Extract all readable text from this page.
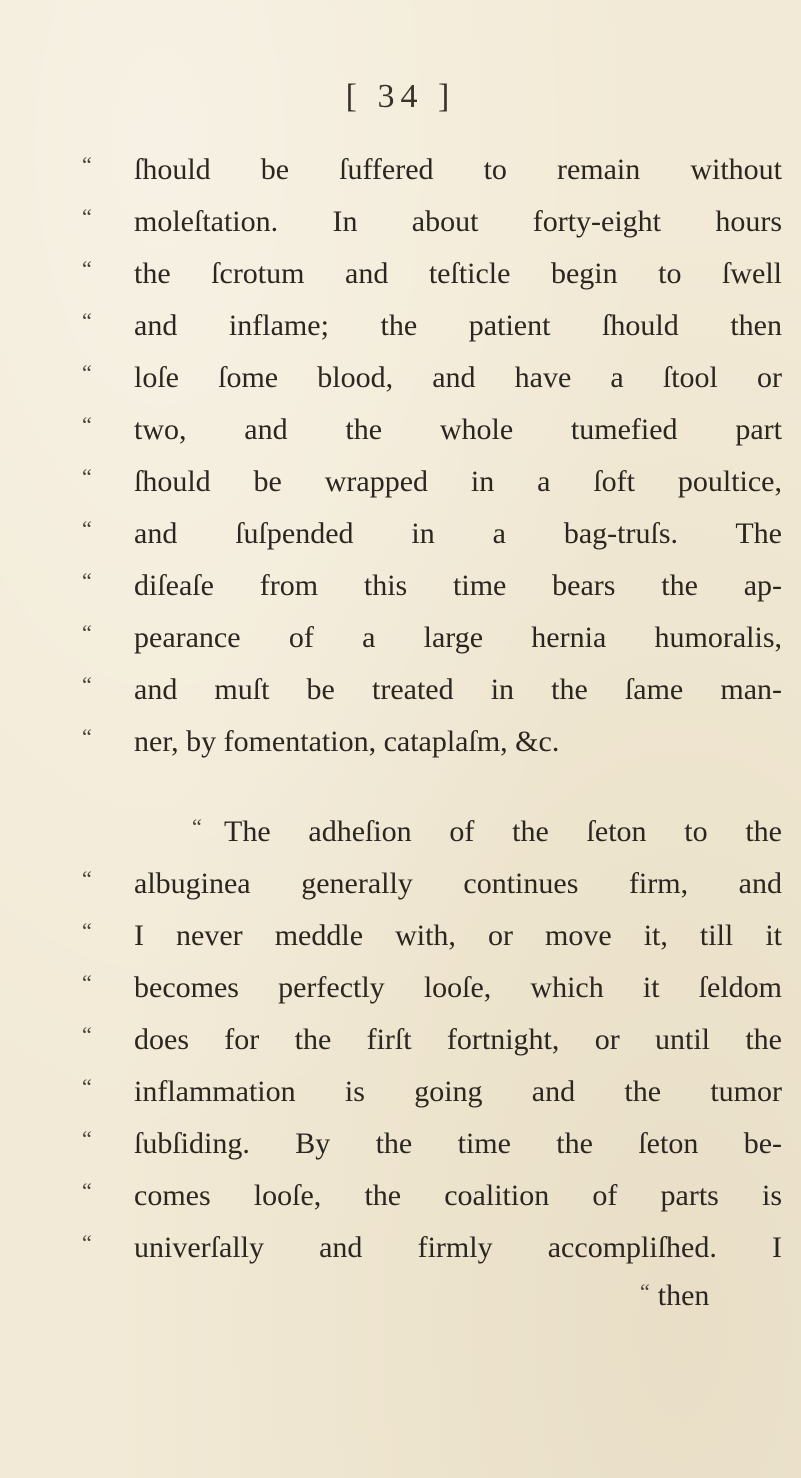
[ 34 ]
“ ſhould be ſuffered to remain without
“ moleſtation. In about forty-eight hours
“ the ſcrotum and teſticle begin to ſwell
“ and inflame; the patient ſhould then
“ loſe ſome blood, and have a ſtool or
“ two, and the whole tumefied part
“ ſhould be wrapped in a ſoft poultice,
“ and ſuſpended in a bag-truſs. The
“ diſeaſe from this time bears the ap-
“ pearance of a large hernia humoralis,
“ and muſt be treated in the ſame man-
“ ner, by fomentation, cataplaſm, &c.
“ The adheſion of the ſeton to the
“ albuginea generally continues firm, and
“ I never meddle with, or move it, till it
“ becomes perfectly looſe, which it ſeldom
“ does for the firſt fortnight, or until the
“ inflammation is going and the tumor
“ ſubſiding. By the time the ſeton be-
“ comes looſe, the coalition of parts is
“ univerſally and firmly accompliſhed. I
“ then
